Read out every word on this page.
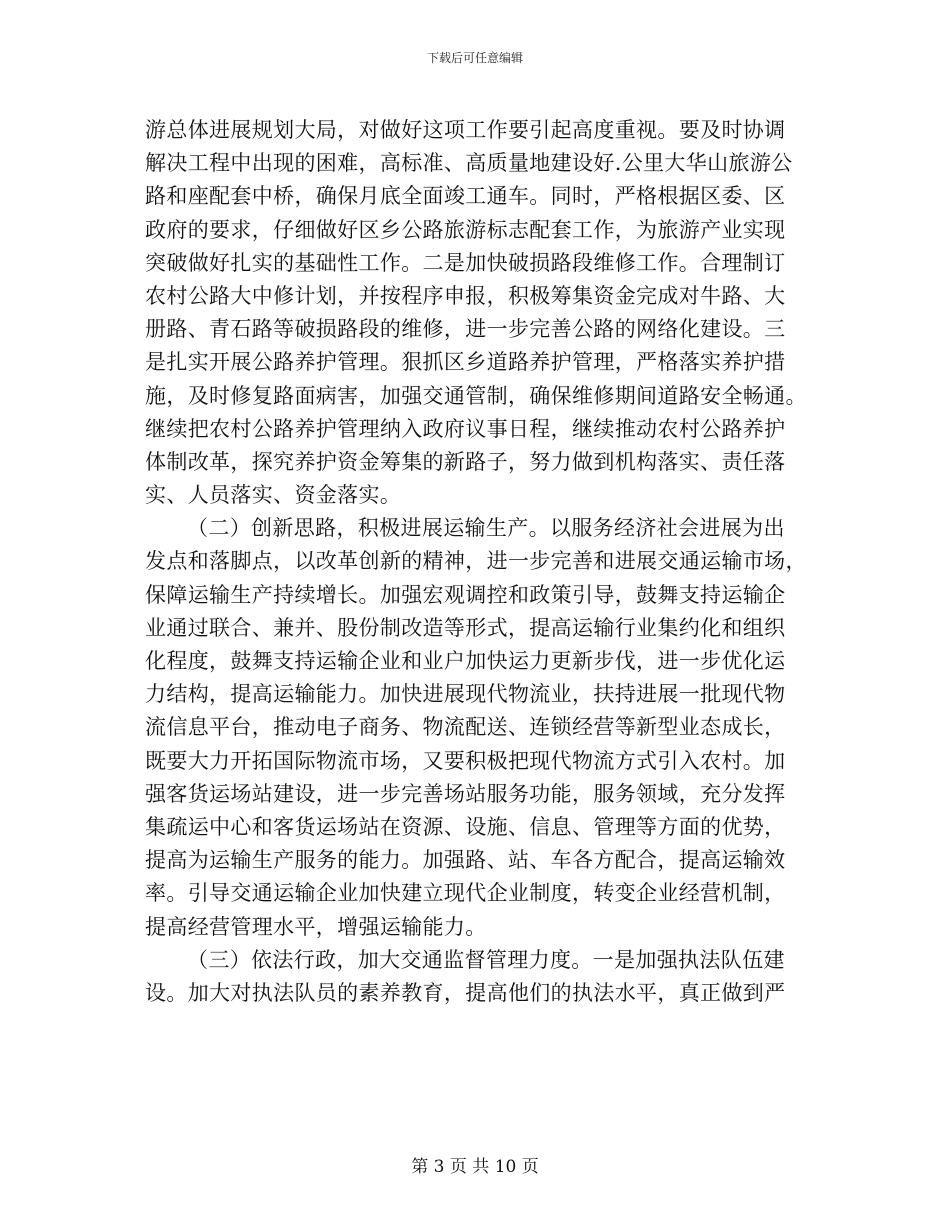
下载后可任意编辑
游总体进展规划大局，对做好这项工作要引起高度重视。要及时协调
解决工程中出现的困难，高标准、高质量地建设好.公里大华山旅游公
路和座配套中桥，确保月底全面竣工通车。同时，严格根据区委、区
政府的要求，仔细做好区乡公路旅游标志配套工作，为旅游产业实现
突破做好扎实的基础性工作。二是加快破损路段维修工作。合理制订
农村公路大中修计划，并按程序申报，积极筹集资金完成对牛路、大
册路、青石路等破损路段的维修，进一步完善公路的网络化建设。三
是扎实开展公路养护管理。狠抓区乡道路养护管理，严格落实养护措
施，及时修复路面病害，加强交通管制，确保维修期间道路安全畅通。
继续把农村公路养护管理纳入政府议事日程，继续推动农村公路养护
体制改革，探究养护资金筹集的新路子，努力做到机构落实、责任落
实、人员落实、资金落实。
（二）创新思路，积极进展运输生产。以服务经济社会进展为出
发点和落脚点，以改革创新的精神，进一步完善和进展交通运输市场，
保障运输生产持续增长。加强宏观调控和政策引导，鼓舞支持运输企
业通过联合、兼并、股份制改造等形式，提高运输行业集约化和组织
化程度，鼓舞支持运输企业和业户加快运力更新步伐，进一步优化运
力结构，提高运输能力。加快进展现代物流业，扶持进展一批现代物
流信息平台，推动电子商务、物流配送、连锁经营等新型业态成长，
既要大力开拓国际物流市场，又要积极把现代物流方式引入农村。加
强客货运场站建设，进一步完善场站服务功能，服务领域，充分发挥
集疏运中心和客货运场站在资源、设施、信息、管理等方面的优势，
提高为运输生产服务的能力。加强路、站、车各方配合，提高运输效
率。引导交通运输企业加快建立现代企业制度，转变企业经营机制，
提高经营管理水平，增强运输能力。
（三）依法行政，加大交通监督管理力度。一是加强执法队伍建
设。加大对执法队员的素养教育，提高他们的执法水平，真正做到严
第 3 页 共 10 页
